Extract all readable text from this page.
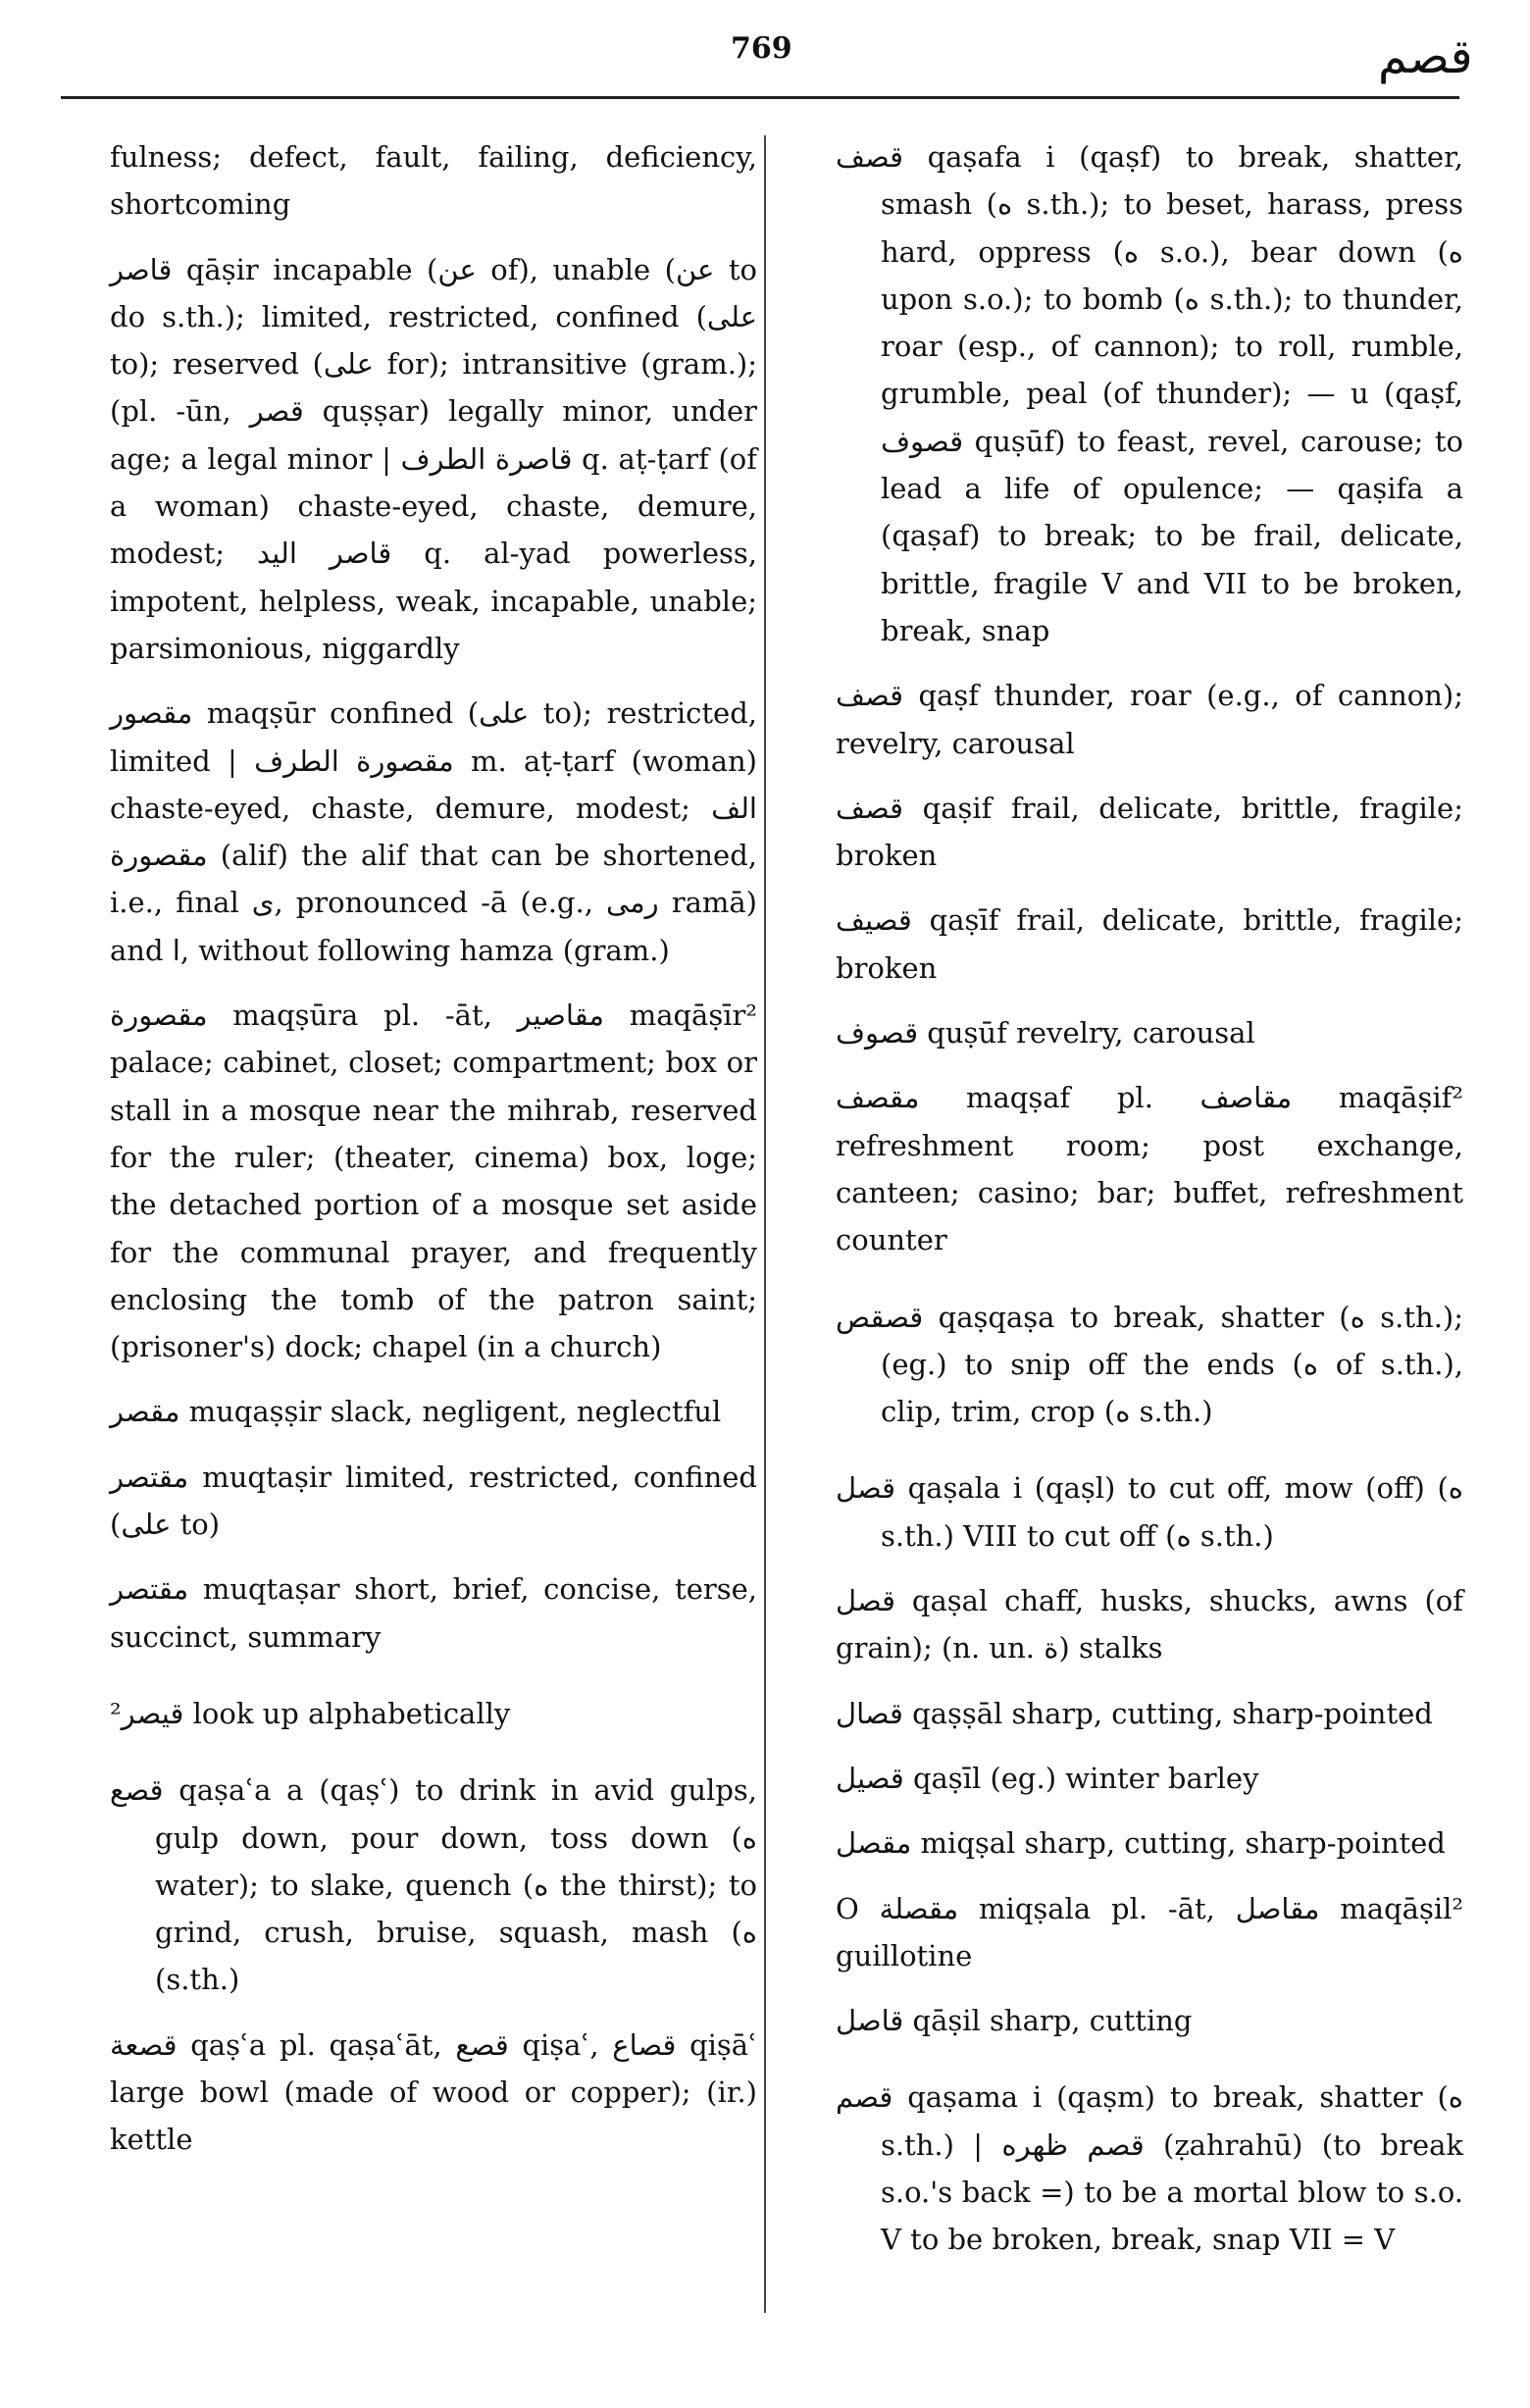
769	قصم

fulness; defect, fault, failing, deficiency, shortcoming

قاصر qāṣir incapable (عن of), unable (عن to do s.th.); limited, restricted, confined (على to); reserved (على for); intransitive (gram.); (pl. -ūn, قصر quṣṣar) legally minor, under age; a legal minor | قاصرة الطرف q. aṭ-ṭarf (of a woman) chaste-eyed, chaste, demure, modest; قاصر اليد q. al-yad powerless, impotent, helpless, weak, incapable, unable; parsimonious, niggardly

مقصور maqṣūr confined (على to); restricted, limited | مقصورة الطرف m. aṭ-ṭarf (woman) chaste-eyed, chaste, demure, modest; الف مقصورة (alif) the alif that can be shortened, i.e., final ى, pronounced -ā (e.g., رمى ramā) and ا, without following hamza (gram.)

مقصورة maqṣūra pl. -āt, مقاصير maqāṣīr² palace; cabinet, closet; compartment; box or stall in a mosque near the mihrab, reserved for the ruler; (theater, cinema) box, loge; the detached portion of a mosque set aside for the communal prayer, and frequently enclosing the tomb of the patron saint; (prisoner's) dock; chapel (in a church)

مقصر muqaṣṣir slack, negligent, neglectful

مقتصر muqtaṣir limited, restricted, confined (على to)

مقتصر muqtaṣar short, brief, concise, terse, succinct, summary

قيصر² look up alphabetically

قصع qaṣaʿa a (qaṣʿ) to drink in avid gulps, gulp down, pour down, toss down (ه water); to slake, quench (ه the thirst); to grind, crush, bruise, squash, mash (ه (s.th.)

قصعة qaṣʿa pl. qaṣaʿāt, قصع qiṣaʿ, قصاع qiṣāʿ large bowl (made of wood or copper); (ir.) kettle

قصف qaṣafa i (qaṣf) to break, shatter, smash (ه s.th.); to beset, harass, press hard, oppress (ه s.o.), bear down (ه upon s.o.); to bomb (ه s.th.); to thunder, roar (esp., of cannon); to roll, rumble, grumble, peal (of thunder); — u (qaṣf, قصوف quṣūf) to feast, revel, carouse; to lead a life of opulence; — qaṣifa a (qaṣaf) to break; to be frail, delicate, brittle, fragile V and VII to be broken, break, snap

قصف qaṣf thunder, roar (e.g., of cannon); revelry, carousal

قصف qaṣif frail, delicate, brittle, fragile; broken

قصيف qaṣīf frail, delicate, brittle, fragile; broken

قصوف quṣūf revelry, carousal

مقصف maqṣaf pl. مقاصف maqāṣif² refreshment room; post exchange, canteen; casino; bar; buffet, refreshment counter

قصقص qaṣqaṣa to break, shatter (ه s.th.); (eg.) to snip off the ends (ه of s.th.), clip, trim, crop (ه s.th.)

قصل qaṣala i (qaṣl) to cut off, mow (off) (ه s.th.) VIII to cut off (ه s.th.)

قصل qaṣal chaff, husks, shucks, awns (of grain); (n. un. ة) stalks

قصال qaṣṣāl sharp, cutting, sharp-pointed

قصيل qaṣīl (eg.) winter barley

مقصل miqṣal sharp, cutting, sharp-pointed

O مقصلة miqṣala pl. -āt, مقاصل maqāṣil² guillotine

قاصل qāṣil sharp, cutting

قصم qaṣama i (qaṣm) to break, shatter (ه s.th.) | قصم ظهره (ẓahrahū) (to break s.o.'s back =) to be a mortal blow to s.o. V to be broken, break, snap VII = V
